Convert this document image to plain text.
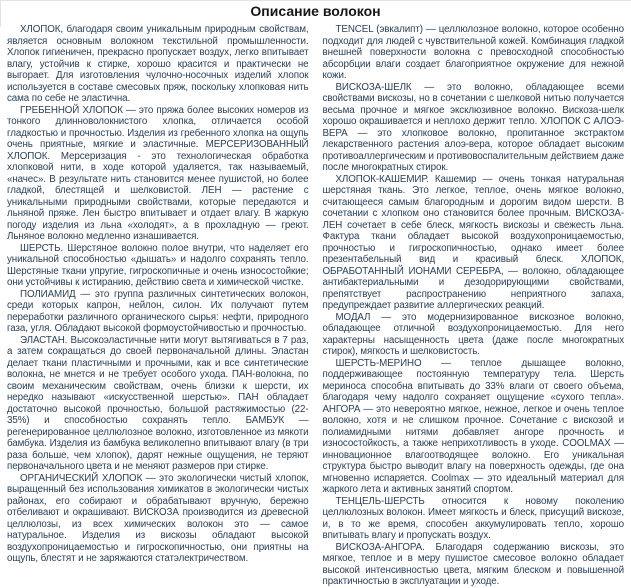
Описание волокон

ХЛОПОК, благодаря своим уникальным природным свойствам, является основным волокном текстильной промышленности. Хлопок гигиеничен, прекрасно пропускает воздух, легко впитывает влагу, устойчив к стирке, хорошо красится и практически не выгорает. Для изготовления чулочно-носочных изделий хлопок используется в составе смесовых пряж, поскольку хлопковая нить сама по себе не эластична.

ГРЕБЕННОЙ ХЛОПОК — это пряжа более высоких номеров из тонкого длинноволокнистого хлопка, отличается особой гладкостью и прочностью. Изделия из гребенного хлопка на ощупь очень приятные, мягкие и эластичные. МЕРСЕРИЗОВАННЫЙ ХЛОПОК. Мерсеризация - это технологическая обработка хлопковой нити, в ходе которой удаляется, так называемый, «начес». В результате нить становится менее пушистой, но более гладкой, блестящей и шелковистой. ЛЕН — растение с уникальными природными свойствами, которые передаются и льняной пряже. Лен быстро впитывает и отдает влагу. В жаркую погоду изделия из льна «холодят», а в прохладную — греют. Льняное волокно медленно изнашивается.

ШЕРСТЬ. Шерстяное волокно полое внутри, что наделяет его уникальной способностью «дышать» и надолго сохранять тепло. Шерстяные ткани упругие, гигроскопичные и очень износостойкие; они устойчивы к истиранию, действию света и химической чистке.

ПОЛИАМИД — это группа различных синтетических волокон, среди которых капрон, нейлон, силон. Их получают путем переработки различного органического сырья: нефти, природного газа, угля. Обладают высокой формоустойчивостью и прочностью.

ЭЛАСТАН. Высокоэластичные нити могут вытягиваться в 7 раз, а затем сокращаться до своей первоначальной длины. Эластан делает ткани пластичными и прочными, как и все синтетические волокна, не мнется и не требует особого ухода. ПАН-волокна, по своим механическим свойствам, очень близки к шерсти, их нередко называют «искусственной шерстью». ПАН обладает достаточно высокой прочностью, большой растяжимостью (22-35%) и способностью сохранять тепло. БАМБУК — регенерированное целлюлозное волокно, изготовленное из мякоти бамбука. Изделия из бамбука великолепно впитывают влагу (в три раза больше, чем хлопок), дарят нежные ощущения, не теряют первоначального цвета и не меняют размеров при стирке.

ОРГАНИЧЕСКИЙ ХЛОПОК — это экологически чистый хлопок, выращенный без использования химикатов в экологически чистых районах, его собирают и обрабатывают вручную, бережно отбеливают и окрашивают. ВИСКОЗА производится из древесной целлюлозы, из всех химических волокон это — самое натуральное. Изделия из вискозы обладают высокой воздухопроницаемостью и гигроскопичностью, они приятны на ощупь, блестят и не заряжаются статэлектричеством.

TENCEL (эвкалипт) — целлюлозное волокно, которое особенно подходит для людей с чувствительной кожей. Комбинация гладкой внешней поверхности волокна с превосходной способностью абсорбции влаги создает благоприятное окружение для нежной кожи.

ВИСКОЗА-ШЕЛК — это волокно, обладающее всеми свойствами вискозы, но в сочетании с шелковой нитью получается весьма прочное и мягкое эксклюзивное волокно. Вискоза-шелк хорошо окрашивается и неплохо держит тепло. ХЛОПОК С АЛОЭ-ВЕРА — это хлопковое волокно, пропитанное экстрактом лекарственного растения алоэ-вера, которое обладает высоким противоаллергическим и противовоспалительным действием даже после многократных стирок.

ХЛОПОК-КАШЕМИР. Кашемир — очень тонкая натуральная шерстяная ткань. Это легкое, теплое, очень мягкое волокно, считающееся самым благородным и дорогим видом шерсти. В сочетании с хлопком оно становится более прочным. ВИСКОЗА-ЛЕН сочетает в себе блеск, мягкость вискозы и свежесть льна. Фактура ткани обладает высокой воздухопроницаемостью, прочностью и гигроскопичностью, однако имеет более презентабельный вид и красивый блеск. ХЛОПОК, ОБРАБОТАННЫЙ ИОНАМИ СЕРЕБРА, — волокно, обладающее антибактериальными и дезодорирующими свойствами, препятствует распространению неприятного запаха, предупреждает развитие аллергических реакций.

МОДАЛ — это модернизированное вискозное волокно, обладающее отличной воздухопроницаемостью. Для него характерны насыщенность цвета (даже после многократных стирок), мягкость и шелковистость.

ШЕРСТЬ-МЕРИНО — теплое дышащее волокно, поддерживающее постоянную температуру тела. Шерсть мериноса способна впитывать до 33% влаги от своего объема, благодаря чему надолго сохраняет ощущение «сухого тепла». АНГОРА — это невероятно мягкое, нежное, легкое и очень теплое волокно, хотя и не слишком прочное. Сочетание с вискозой и полиамидными нитями добавляет ангоре прочность и износостойкость, а также неприхотливость в уходе. COOLMAX — инновационное влагоотводящее волокно. Его уникальная структура быстро выводит влагу на поверхность одежды, где она мгновенно испаряется. Coolmax — это идеальный материал для жаркого лета и активных занятий спортом.

ТЕНЦЕЛЬ-ШЕРСТЬ относится к новому поколению целлюлозных волокон. Имеет мягкость и блеск, присущий вискозе, и, в то же время, способен аккумулировать тепло, хорошо впитывать влагу и пропускать воздух.

ВИСКОЗА-АНГОРА. Благодаря содержанию вискозы, это мягкое, теплое и в меру пушистое смесовое волокно обладает высокой интенсивностью цвета, мягким блеском и повышенной практичностью в эксплуатации и уходе.
